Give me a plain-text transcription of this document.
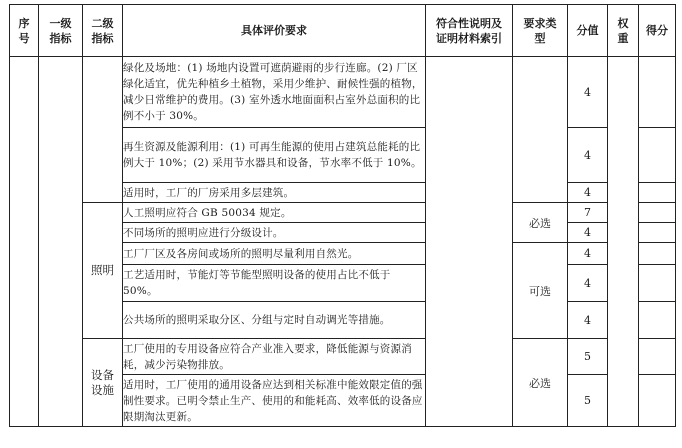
序号	一级指标	二级指标	具体评价要求	符合性说明及证明材料索引	要求类型	分值	权重	得分
			绿化及场地：(1) 场地内设置可遮荫避雨的步行连廊。(2) 厂区绿化适宜，优先种植乡土植物，采用少维护、耐候性强的植物，减少日常维护的费用。(3) 室外透水地面面积占室外总面积的比例不小于 30%。			4		
			再生资源及能源利用：(1) 可再生能源的使用占建筑总能耗的比例大于 10%；(2) 采用节水器具和设备，节水率不低于 10%。			4		
			适用时，工厂的厂房采用多层建筑。			4		
		照明	人工照明应符合 GB 50034 规定。		必选	7		
			不同场所的照明应进行分级设计。			4		
			工厂厂区及各房间或场所的照明尽量利用自然光。		可选	4		
			工艺适用时，节能灯等节能型照明设备的使用占比不低于 50%。			4		
			公共场所的照明采取分区、分组与定时自动调光等措施。			4		
		设备设施	工厂使用的专用设备应符合产业准入要求，降低能源与资源消耗，减少污染物排放。		必选	5		
			适用时，工厂使用的通用设备应达到相关标准中能效限定值的强制性要求。已明令禁止生产、使用的和能耗高、效率低的设备应限期淘汰更新。			5		
